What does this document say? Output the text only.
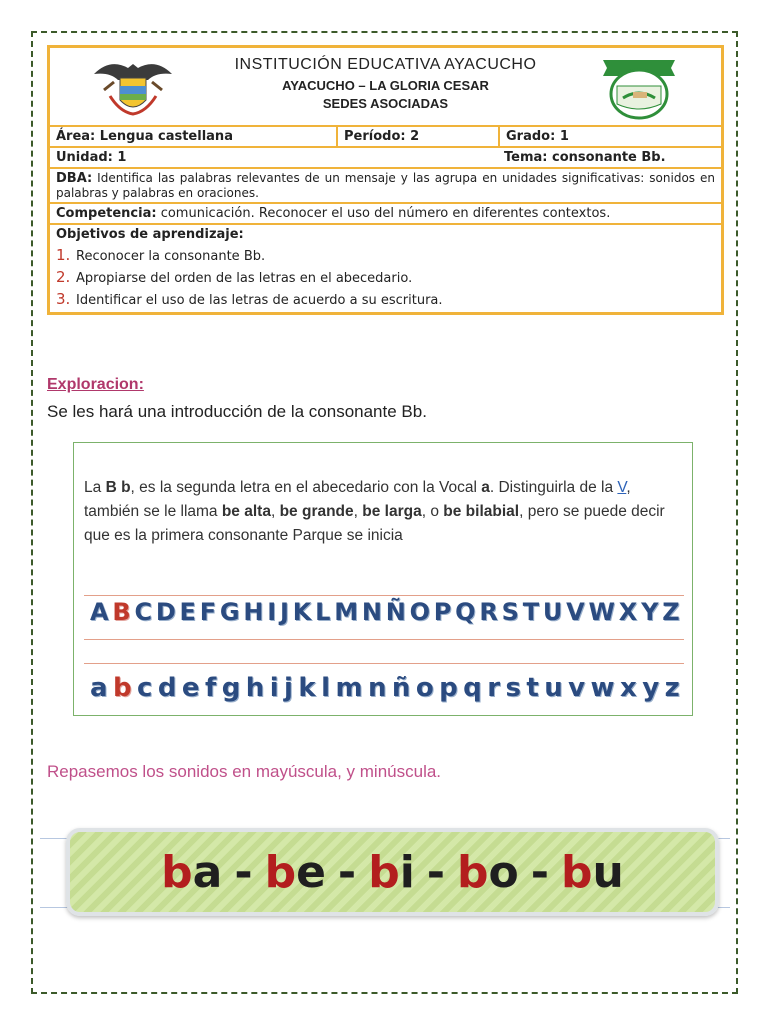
INSTITUCIÓN EDUCATIVA AYACUCHO
AYACUCHO – LA GLORIA CESAR
SEDES ASOCIADAS
Área: Lengua castellana	Período: 2	Grado: 1
Unidad: 1	Tema: consonante Bb.
DBA: Identifica las palabras relevantes de un mensaje y las agrupa en unidades significativas: sonidos en palabras y palabras en oraciones.
Competencia: comunicación. Reconocer el uso del número en diferentes contextos.
Objetivos de aprendizaje:
1. Reconocer la consonante Bb.
2. Apropiarse del orden de las letras en el abecedario.
3. Identificar el uso de las letras de acuerdo a su escritura.
Exploracion:
Se les hará una introducción de la consonante Bb.
La B b, es la segunda letra en el abecedario con la Vocal a. Distinguirla de la V, también se le llama be alta, be grande, be larga, o be bilabial, pero se puede decir que es la primera consonante Parque se inicia
A B C D E F G H I J K L M N Ñ O P Q R S T U V W X Y Z
a b c d e f g h i j k l m n ñ o p q r s t u v w x y z
Repasemos los sonidos en mayúscula, y minúscula.
ba - be - bi - bo - bu
